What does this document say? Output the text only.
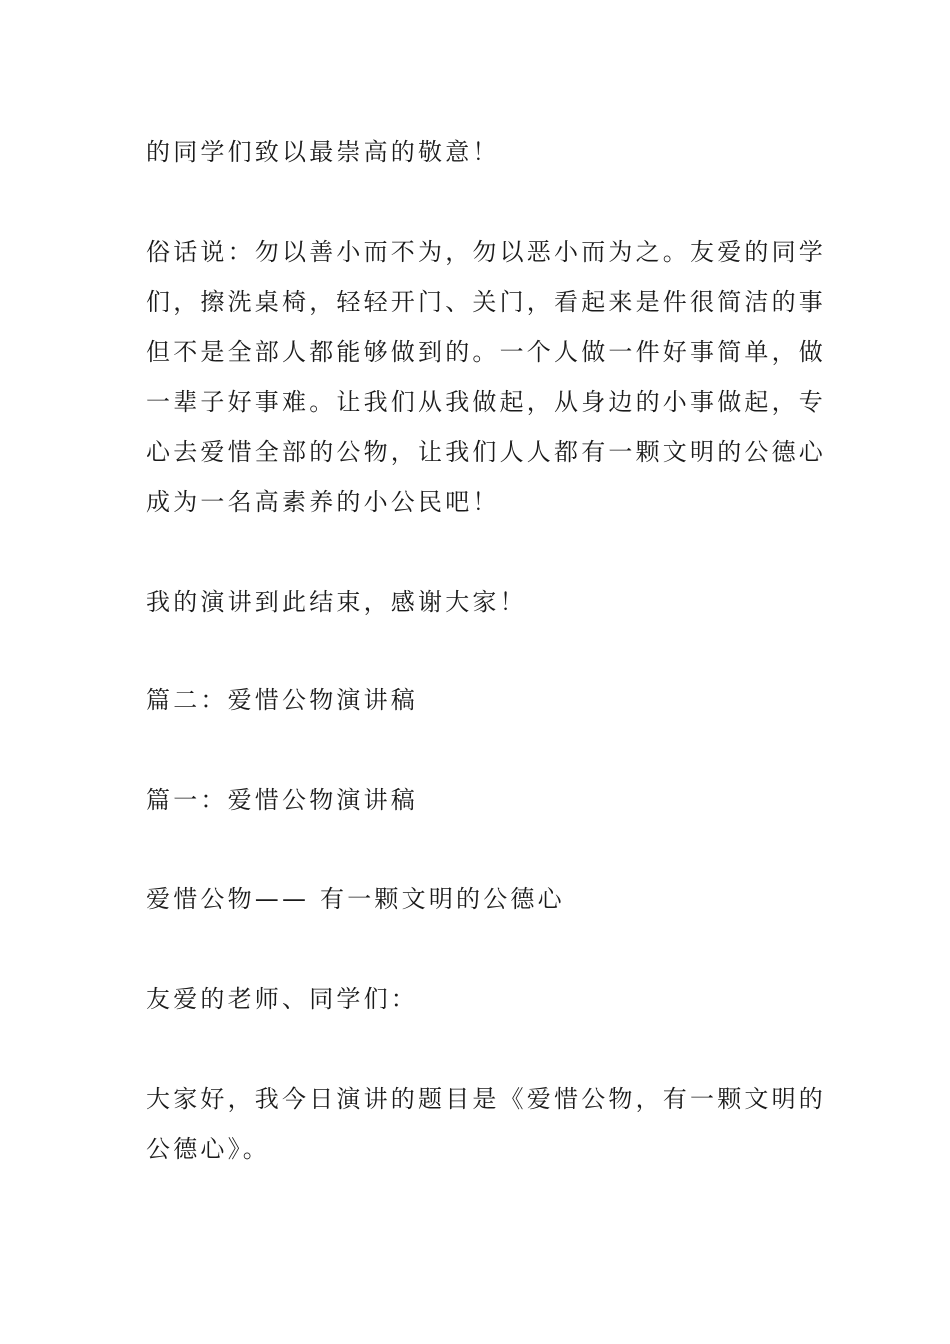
的同学们致以最崇高的敬意！

俗话说：勿以善小而不为，勿以恶小而为之。友爱的同学

们，擦洗桌椅，轻轻开门、关门，看起来是件很简洁的事

但不是全部人都能够做到的。一个人做一件好事简单，做

一辈子好事难。让我们从我做起，从身边的小事做起，专

心去爱惜全部的公物，让我们人人都有一颗文明的公德心

成为一名高素养的小公民吧！

我的演讲到此结束，感谢大家！

篇二：爱惜公物演讲稿

篇一：爱惜公物演讲稿

爱惜公物—— 有一颗文明的公德心

友爱的老师、同学们：

大家好，我今日演讲的题目是《爱惜公物，有一颗文明的

公德心》。
